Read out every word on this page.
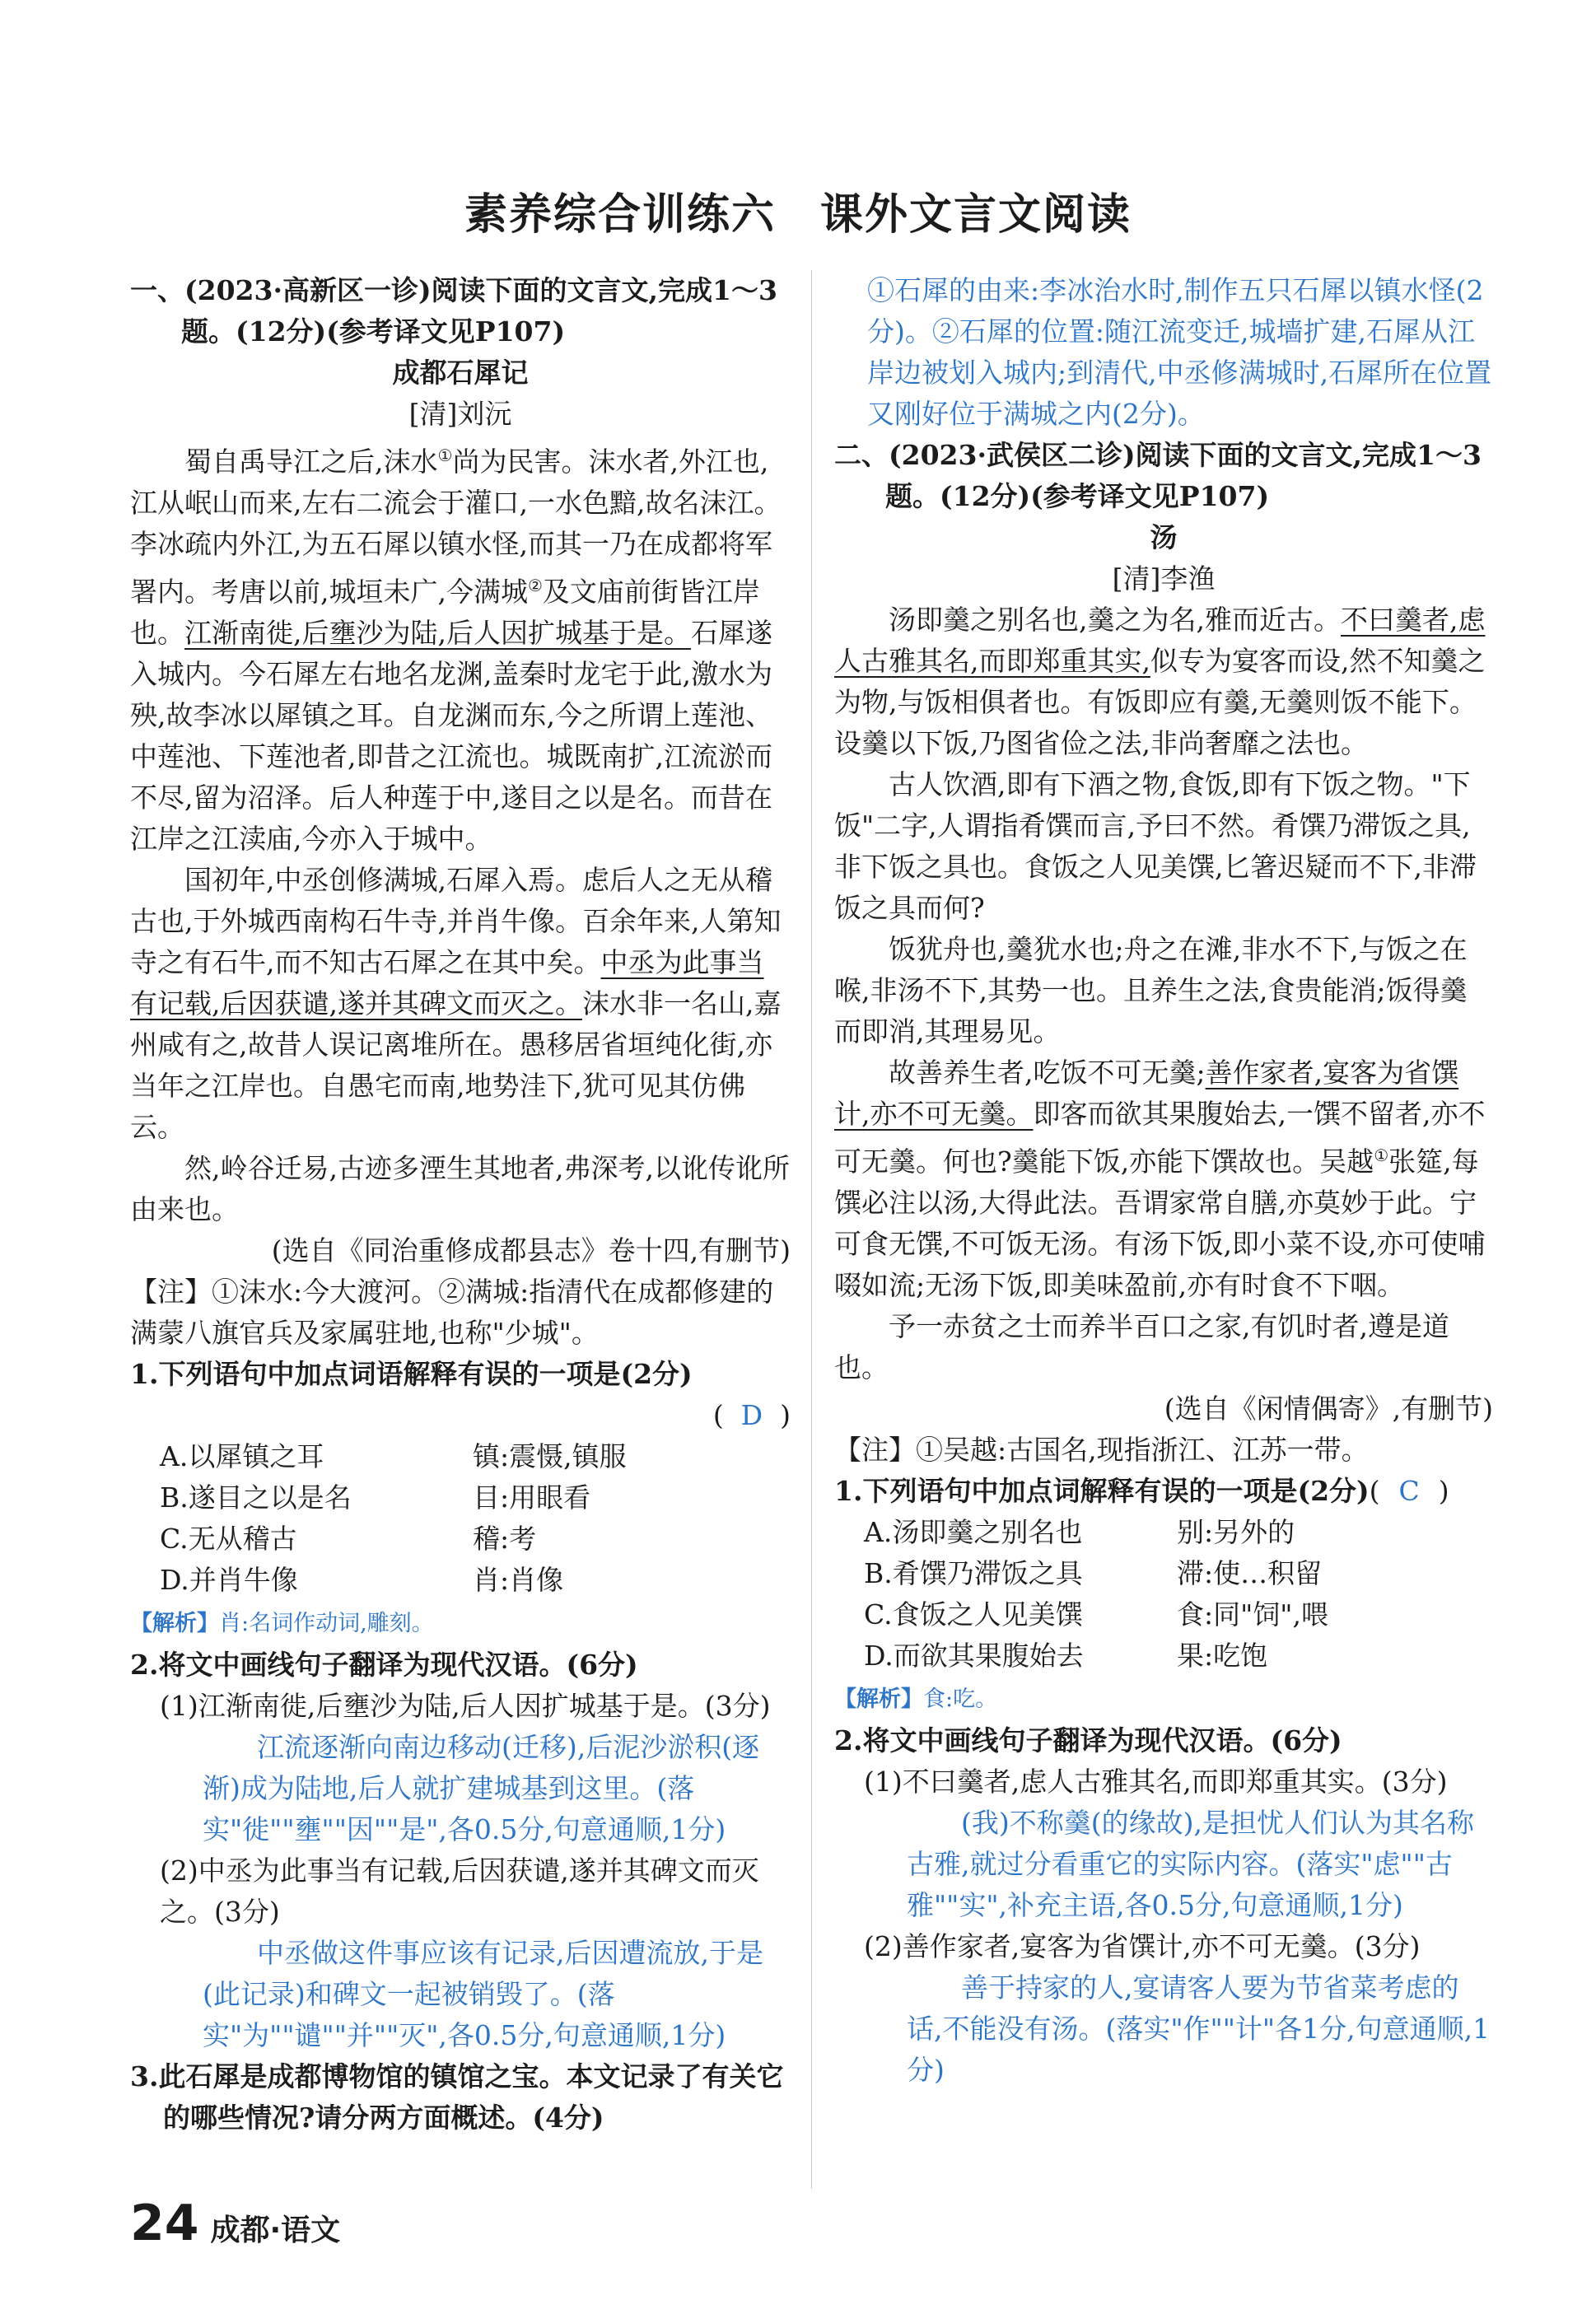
素养综合训练六　课外文言文阅读

一、(2023·高新区一诊)阅读下面的文言文,完成1～3题。(12分)(参考译文见P107)

成都石犀记

[清]刘沅

蜀自禹导江之后,沫水①尚为民害。沫水者,外江也,江从岷山而来,左右二流会于灌口,一水色黯,故名沫江。李冰疏内外江,为五石犀以镇水怪,而其一乃在成都将军署内。考唐以前,城垣未广,今满城②及文庙前街皆江岸也。江渐南徙,后壅沙为陆,后人因扩城基于是。石犀遂入城内。今石犀左右地名龙渊,盖秦时龙宅于此,激水为殃,故李冰以犀镇之耳。自龙渊而东,今之所谓上莲池、中莲池、下莲池者,即昔之江流也。城既南扩,江流淤而不尽,留为沼泽。后人种莲于中,遂目之以是名。而昔在江岸之江渎庙,今亦入于城中。

国初年,中丞创修满城,石犀入焉。虑后人之无从稽古也,于外城西南构石牛寺,并肖牛像。百余年来,人第知寺之有石牛,而不知古石犀之在其中矣。中丞为此事当有记载,后因获谴,遂并其碑文而灭之。沫水非一名山,嘉州咸有之,故昔人误记离堆所在。愚移居省垣纯化街,亦当年之江岸也。自愚宅而南,地势洼下,犹可见其仿佛云。

然,岭谷迁易,古迹多湮生其地者,弗深考,以讹传讹所由来也。

(选自《同治重修成都县志》卷十四,有删节)

【注】①沫水:今大渡河。②满城:指清代在成都修建的满蒙八旗官兵及家属驻地,也称"少城"。

1.下列语句中加点词语解释有误的一项是(2分)

( D )

A.以犀镇之耳	镇:震慑,镇服
B.遂目之以是名	目:用眼看
C.无从稽古	稽:考
D.并肖牛像	肖:肖像

【解析】肖:名词作动词,雕刻。

2.将文中画线句子翻译为现代汉语。(6分)

(1)江渐南徙,后壅沙为陆,后人因扩城基于是。(3分)

江流逐渐向南边移动(迁移),后泥沙淤积(逐渐)成为陆地,后人就扩建城基到这里。(落实"徙""壅""因""是",各0.5分,句意通顺,1分)

(2)中丞为此事当有记载,后因获谴,遂并其碑文而灭之。(3分)

中丞做这件事应该有记录,后因遭流放,于是(此记录)和碑文一起被销毁了。(落实"为""谴""并""灭",各0.5分,句意通顺,1分)

3.此石犀是成都博物馆的镇馆之宝。本文记录了有关它的哪些情况?请分两方面概述。(4分)

①石犀的由来:李冰治水时,制作五只石犀以镇水怪(2分)。②石犀的位置:随江流变迁,城墙扩建,石犀从江岸边被划入城内;到清代,中丞修满城时,石犀所在位置又刚好位于满城之内(2分)。

二、(2023·武侯区二诊)阅读下面的文言文,完成1～3题。(12分)(参考译文见P107)

汤

[清]李渔

汤即羹之别名也,羹之为名,雅而近古。不曰羹者,虑人古雅其名,而即郑重其实,似专为宴客而设,然不知羹之为物,与饭相俱者也。有饭即应有羹,无羹则饭不能下。设羹以下饭,乃图省俭之法,非尚奢靡之法也。

古人饮酒,即有下酒之物,食饭,即有下饭之物。"下饭"二字,人谓指肴馔而言,予曰不然。肴馔乃滞饭之具,非下饭之具也。食饭之人见美馔,匕箸迟疑而不下,非滞饭之具而何?

饭犹舟也,羹犹水也;舟之在滩,非水不下,与饭之在喉,非汤不下,其势一也。且养生之法,食贵能消;饭得羹而即消,其理易见。

故善养生者,吃饭不可无羹;善作家者,宴客为省馔计,亦不可无羹。即客而欲其果腹始去,一馔不留者,亦不可无羹。何也?羹能下饭,亦能下馔故也。吴越①张筵,每馔必注以汤,大得此法。吾谓家常自膳,亦莫妙于此。宁可食无馔,不可饭无汤。有汤下饭,即小菜不设,亦可使哺啜如流;无汤下饭,即美味盈前,亦有时食不下咽。

予一赤贫之士而养半百口之家,有饥时者,遵是道也。

(选自《闲情偶寄》,有删节)

【注】①吴越:古国名,现指浙江、江苏一带。

1.下列语句中加点词解释有误的一项是(2分)( C )

A.汤即羹之别名也	别:另外的
B.肴馔乃滞饭之具	滞:使…积留
C.食饭之人见美馔	食:同"饲",喂
D.而欲其果腹始去	果:吃饱

【解析】食:吃。

2.将文中画线句子翻译为现代汉语。(6分)

(1)不曰羹者,虑人古雅其名,而即郑重其实。(3分)

(我)不称羹(的缘故),是担忧人们认为其名称古雅,就过分看重它的实际内容。(落实"虑""古雅""实",补充主语,各0.5分,句意通顺,1分)

(2)善作家者,宴客为省馔计,亦不可无羹。(3分)

善于持家的人,宴请客人要为节省菜考虑的话,不能没有汤。(落实"作""计"各1分,句意通顺,1分)

24 成都·语文
